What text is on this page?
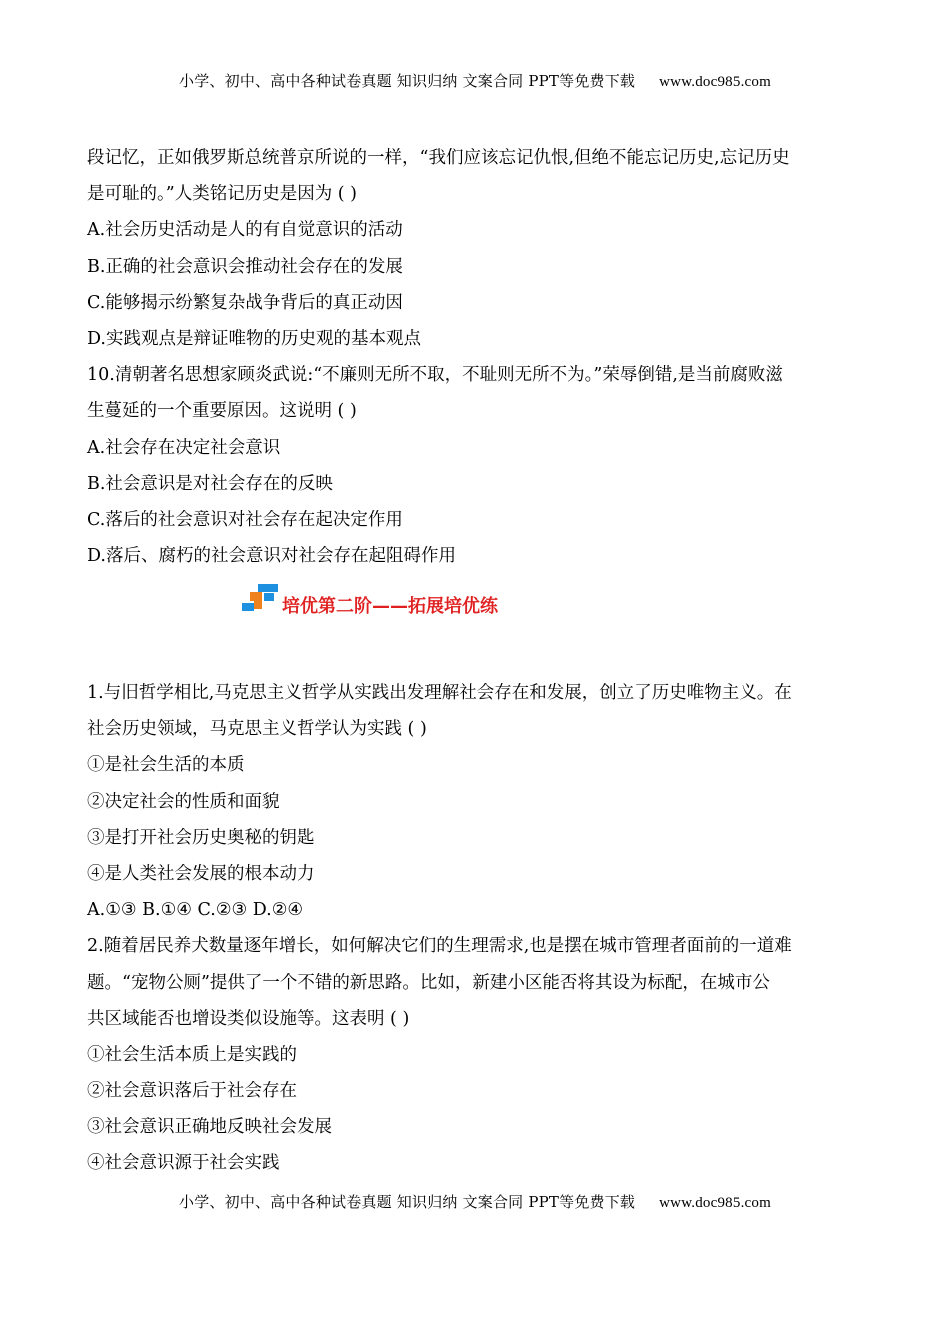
小学、初中、高中各种试卷真题 知识归纳 文案合同 PPT等免费下载 www.doc985.com
段记忆，正如俄罗斯总统普京所说的一样，“我们应该忘记仇恨,但绝不能忘记历史,忘记历史
是可耻的。”人类铭记历史是因为 ( )
A.社会历史活动是人的有自觉意识的活动
B.正确的社会意识会推动社会存在的发展
C.能够揭示纷繁复杂战争背后的真正动因
D.实践观点是辩证唯物的历史观的基本观点
10.清朝著名思想家顾炎武说:“不廉则无所不取，不耻则无所不为。”荣辱倒错,是当前腐败滋
生蔓延的一个重要原因。这说明 ( )
A.社会存在决定社会意识
B.社会意识是对社会存在的反映
C.落后的社会意识对社会存在起决定作用
D.落后、腐朽的社会意识对社会存在起阻碍作用
培优第二阶——拓展培优练
1.与旧哲学相比,马克思主义哲学从实践出发理解社会存在和发展，创立了历史唯物主义。在
社会历史领域，马克思主义哲学认为实践 ( )
①是社会生活的本质
②决定社会的性质和面貌
③是打开社会历史奥秘的钥匙
④是人类社会发展的根本动力
A.①③ B.①④ C.②③ D.②④
2.随着居民养犬数量逐年增长，如何解决它们的生理需求,也是摆在城市管理者面前的一道难
题。“宠物公厕”提供了一个不错的新思路。比如，新建小区能否将其设为标配，在城市公
共区域能否也增设类似设施等。这表明 ( )
①社会生活本质上是实践的
②社会意识落后于社会存在
③社会意识正确地反映社会发展
④社会意识源于社会实践
小学、初中、高中各种试卷真题 知识归纳 文案合同 PPT等免费下载 www.doc985.com
